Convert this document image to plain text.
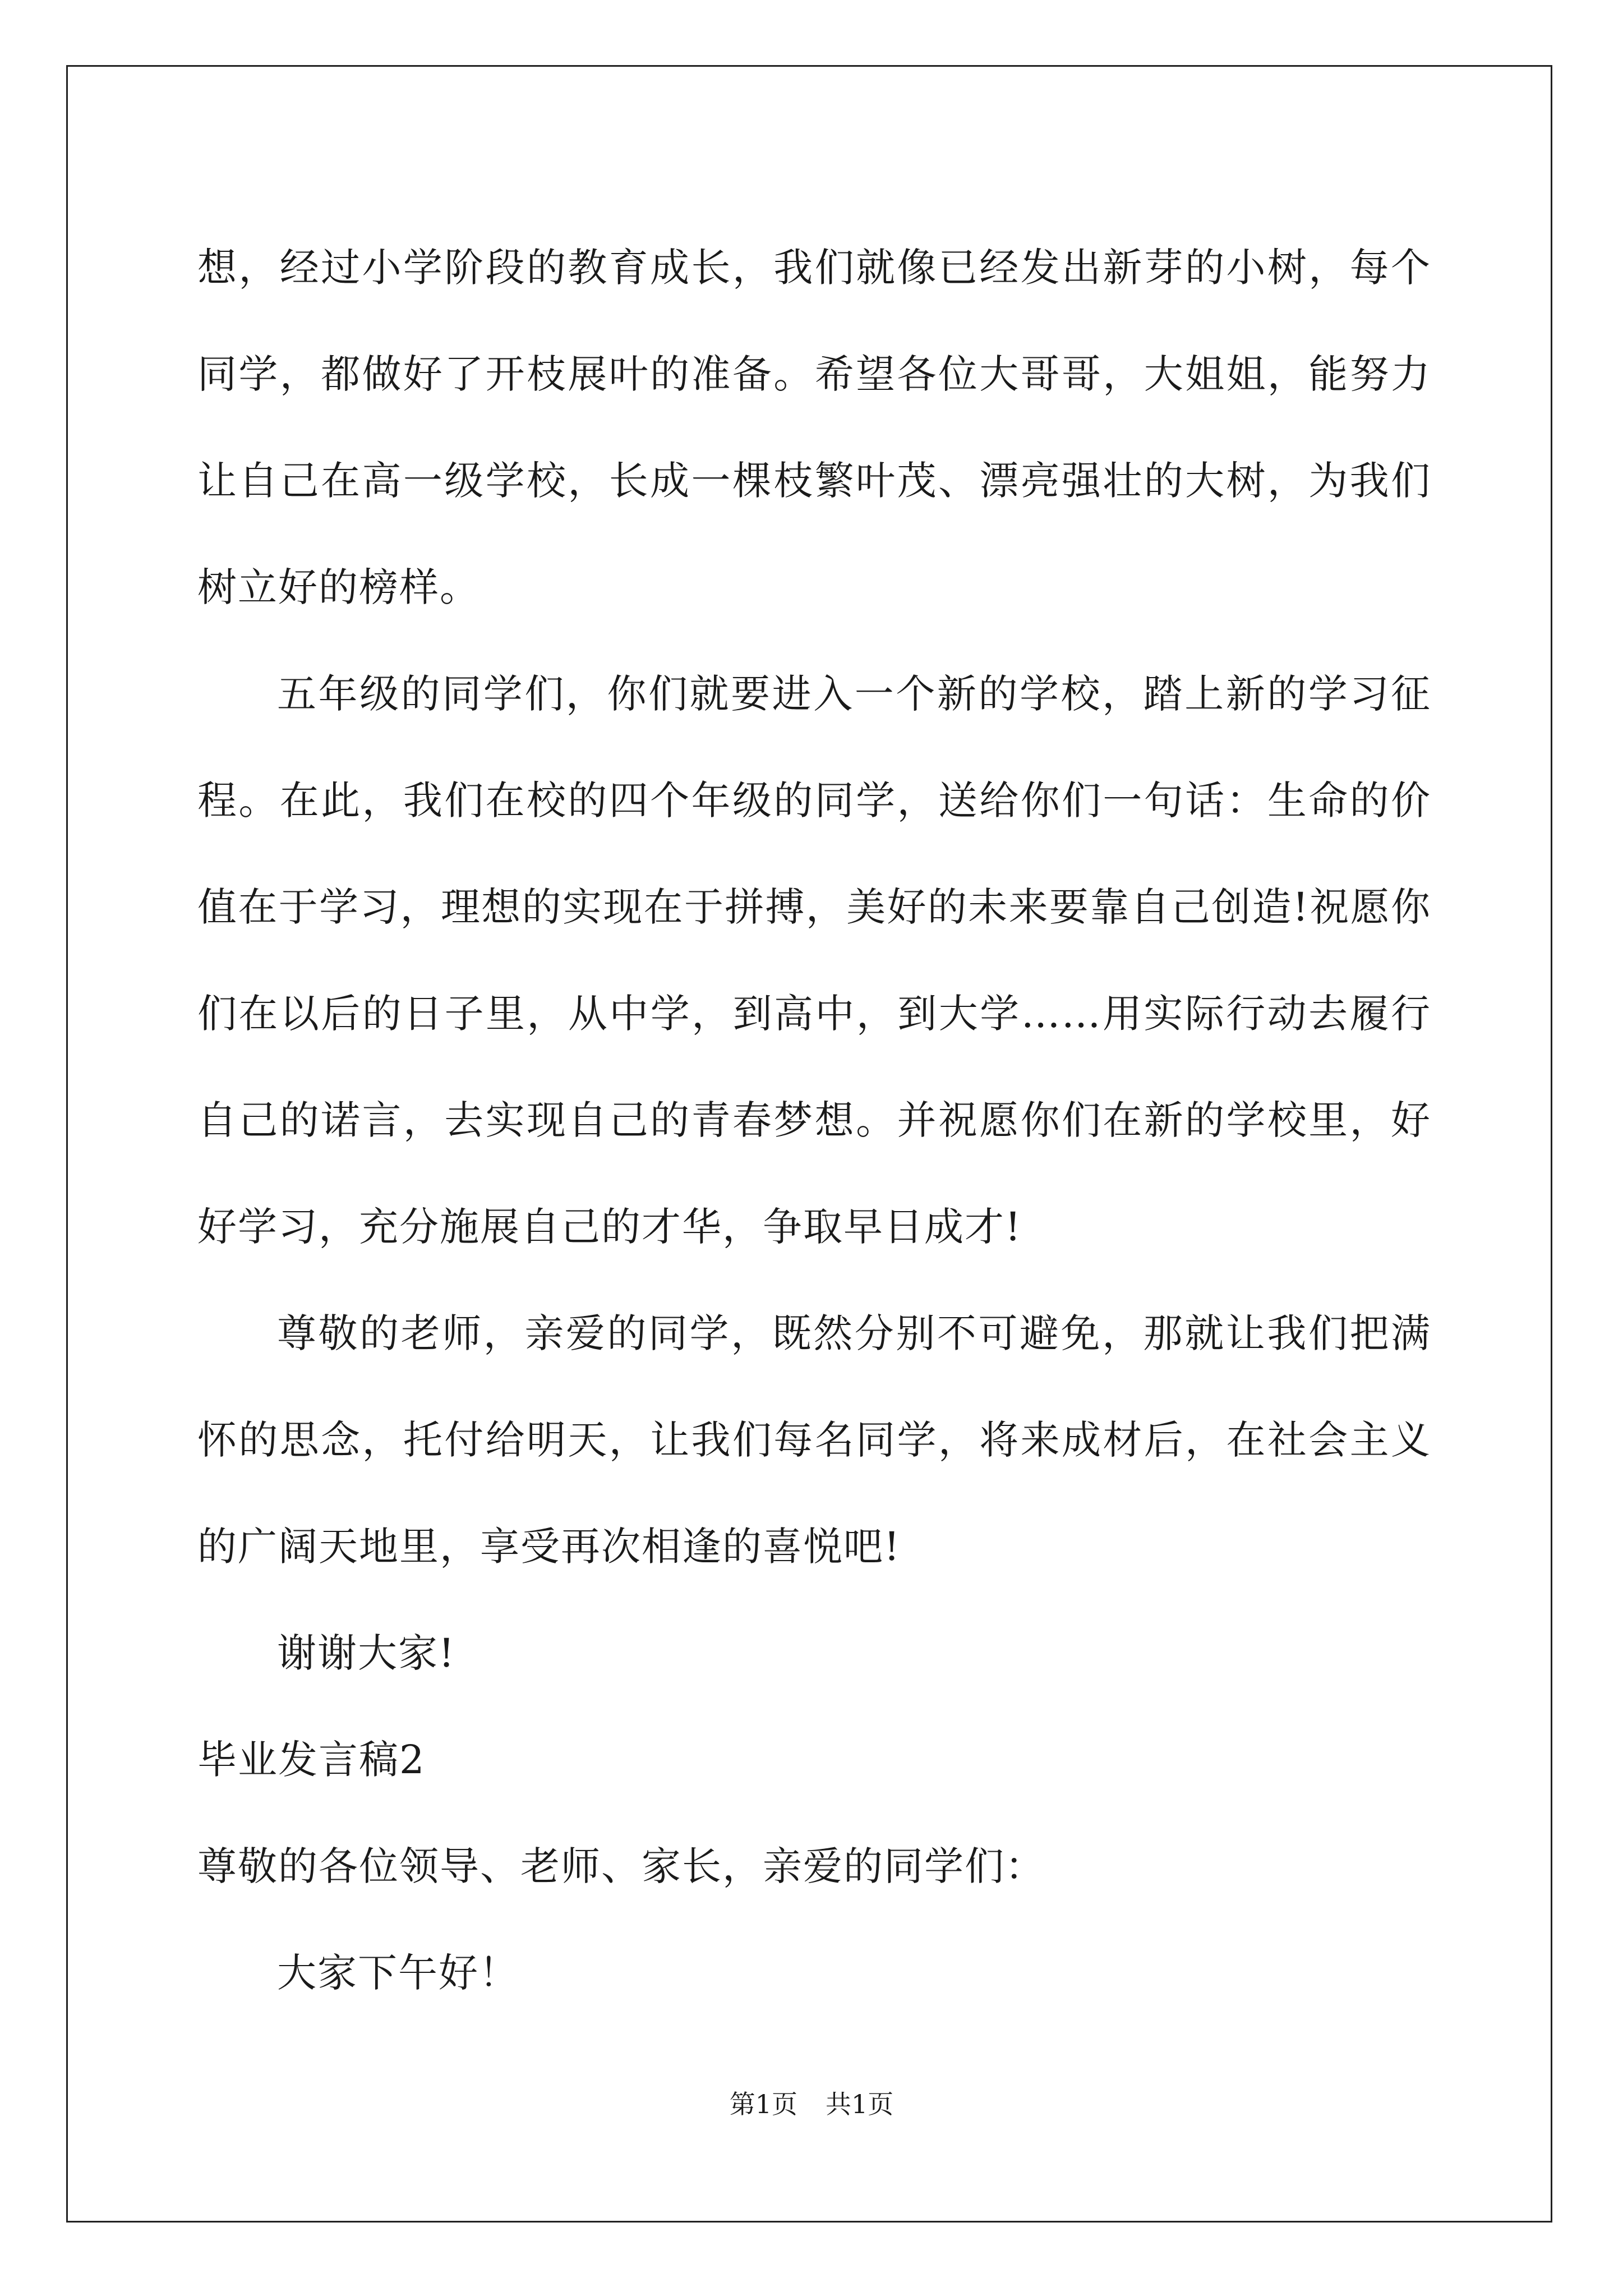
想，经过小学阶段的教育成长，我们就像已经发出新芽的小树，每个同学，都做好了开枝展叶的准备。希望各位大哥哥，大姐姐，能努力让自己在高一级学校，长成一棵枝繁叶茂、漂亮强壮的大树，为我们树立好的榜样。

五年级的同学们，你们就要进入一个新的学校，踏上新的学习征程。在此，我们在校的四个年级的同学，送给你们一句话：生命的价值在于学习，理想的实现在于拼搏，美好的未来要靠自己创造!祝愿你们在以后的日子里，从中学，到高中，到大学……用实际行动去履行自己的诺言，去实现自己的青春梦想。并祝愿你们在新的学校里，好好学习，充分施展自己的才华，争取早日成才!

尊敬的老师，亲爱的同学，既然分别不可避免，那就让我们把满怀的思念，托付给明天，让我们每名同学，将来成材后，在社会主义的广阔天地里，享受再次相逢的喜悦吧!

谢谢大家!

毕业发言稿2

尊敬的各位领导、老师、家长，亲爱的同学们：

大家下午好！

第1页 共1页
